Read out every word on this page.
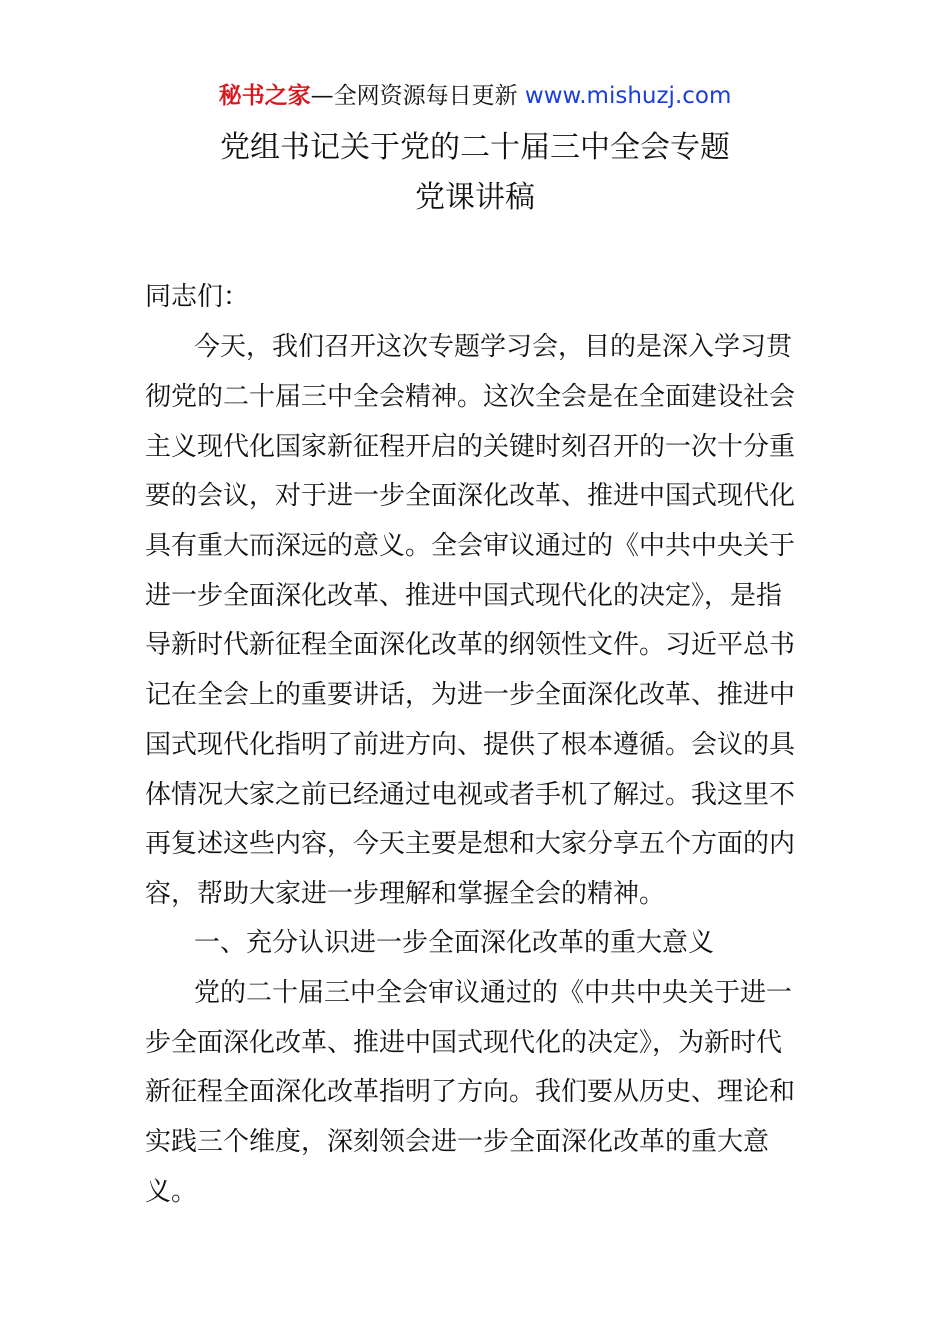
秘书之家—全网资源每日更新 www.mishuzj.com
党组书记关于党的二十届三中全会专题
党课讲稿
同志们：
今天，我们召开这次专题学习会，目的是深入学习贯
彻党的二十届三中全会精神。这次全会是在全面建设社会
主义现代化国家新征程开启的关键时刻召开的一次十分重
要的会议，对于进一步全面深化改革、推进中国式现代化
具有重大而深远的意义。全会审议通过的《中共中央关于
进一步全面深化改革、推进中国式现代化的决定》，是指
导新时代新征程全面深化改革的纲领性文件。习近平总书
记在全会上的重要讲话，为进一步全面深化改革、推进中
国式现代化指明了前进方向、提供了根本遵循。会议的具
体情况大家之前已经通过电视或者手机了解过。我这里不
再复述这些内容，今天主要是想和大家分享五个方面的内
容，帮助大家进一步理解和掌握全会的精神。
一、充分认识进一步全面深化改革的重大意义
党的二十届三中全会审议通过的《中共中央关于进一
步全面深化改革、推进中国式现代化的决定》，为新时代
新征程全面深化改革指明了方向。我们要从历史、理论和
实践三个维度，深刻领会进一步全面深化改革的重大意
义。
